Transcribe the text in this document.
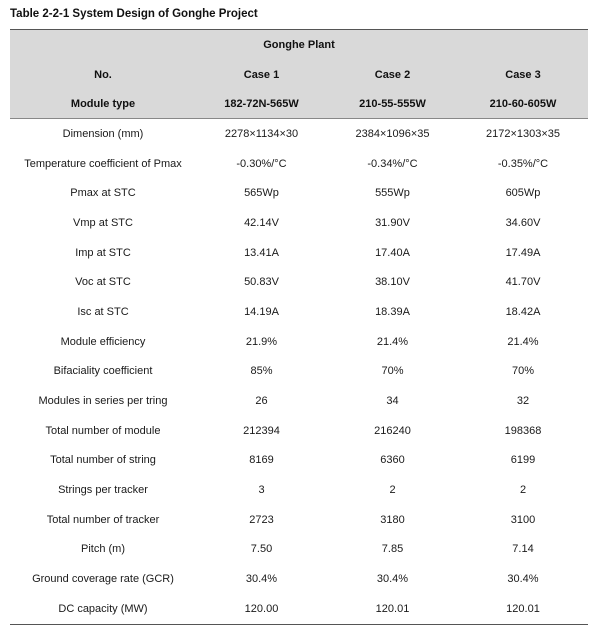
Table 2-2-1 System Design of Gonghe Project
Gonghe Plant			
No.	Case 1	Case 2	Case 3
Module type	182-72N-565W	210-55-555W	210-60-605W
Dimension (mm)	2278×1134×30	2384×1096×35	2172×1303×35
Temperature coefficient of Pmax	-0.30%/°C	-0.34%/°C	-0.35%/°C
Pmax at STC	565Wp	555Wp	605Wp
Vmp at STC	42.14V	31.90V	34.60V
Imp at STC	13.41A	17.40A	17.49A
Voc at STC	50.83V	38.10V	41.70V
Isc at STC	14.19A	18.39A	18.42A
Module efficiency	21.9%	21.4%	21.4%
Bifaciality coefficient	85%	70%	70%
Modules in series per tring	26	34	32
Total number of module	212394	216240	198368
Total number of string	8169	6360	6199
Strings per tracker	3	2	2
Total number of tracker	2723	3180	3100
Pitch (m)	7.50	7.85	7.14
Ground coverage rate (GCR)	30.4%	30.4%	30.4%
DC capacity (MW)	120.00	120.01	120.01
